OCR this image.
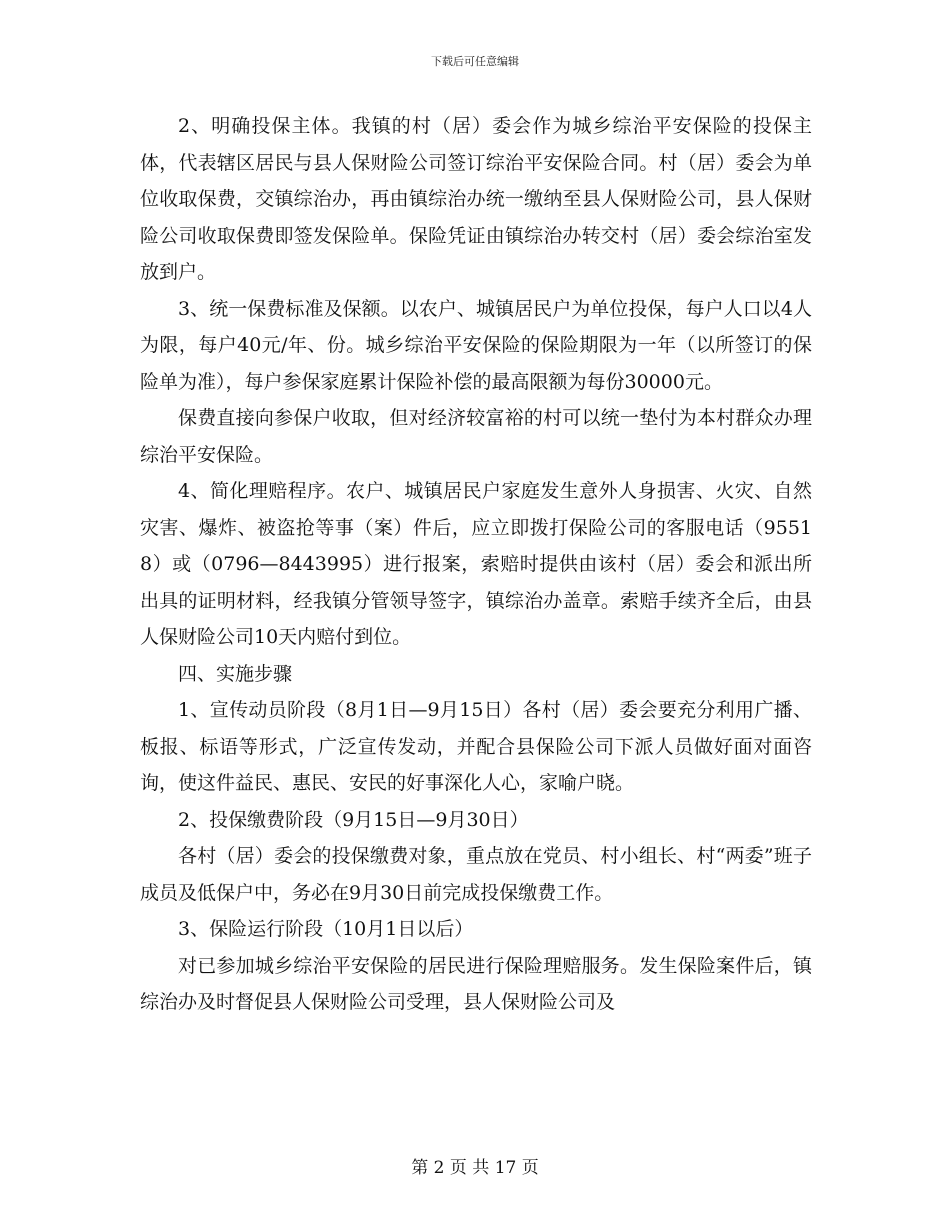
下载后可任意编辑

2、明确投保主体。我镇的村（居）委会作为城乡综治平安保险的投保主体，代表辖区居民与县人保财险公司签订综治平安保险合同。村（居）委会为单位收取保费，交镇综治办，再由镇综治办统一缴纳至县人保财险公司，县人保财险公司收取保费即签发保险单。保险凭证由镇综治办转交村（居）委会综治室发放到户。

3、统一保费标准及保额。以农户、城镇居民户为单位投保，每户人口以4人为限，每户40元/年、份。城乡综治平安保险的保险期限为一年（以所签订的保险单为准），每户参保家庭累计保险补偿的最高限额为每份30000元。

保费直接向参保户收取，但对经济较富裕的村可以统一垫付为本村群众办理综治平安保险。

4、简化理赔程序。农户、城镇居民户家庭发生意外人身损害、火灾、自然灾害、爆炸、被盗抢等事（案）件后，应立即拨打保险公司的客服电话（95518）或（0796—8443995）进行报案，索赔时提供由该村（居）委会和派出所出具的证明材料，经我镇分管领导签字，镇综治办盖章。索赔手续齐全后，由县人保财险公司10天内赔付到位。

四、实施步骤

1、宣传动员阶段（8月1日—9月15日）各村（居）委会要充分利用广播、板报、标语等形式，广泛宣传发动，并配合县保险公司下派人员做好面对面咨询，使这件益民、惠民、安民的好事深化人心，家喻户晓。

2、投保缴费阶段（9月15日—9月30日）

各村（居）委会的投保缴费对象，重点放在党员、村小组长、村“两委”班子成员及低保户中，务必在9月30日前完成投保缴费工作。

3、保险运行阶段（10月1日以后）

对已参加城乡综治平安保险的居民进行保险理赔服务。发生保险案件后，镇综治办及时督促县人保财险公司受理，县人保财险公司及

第 2 页 共 17 页
